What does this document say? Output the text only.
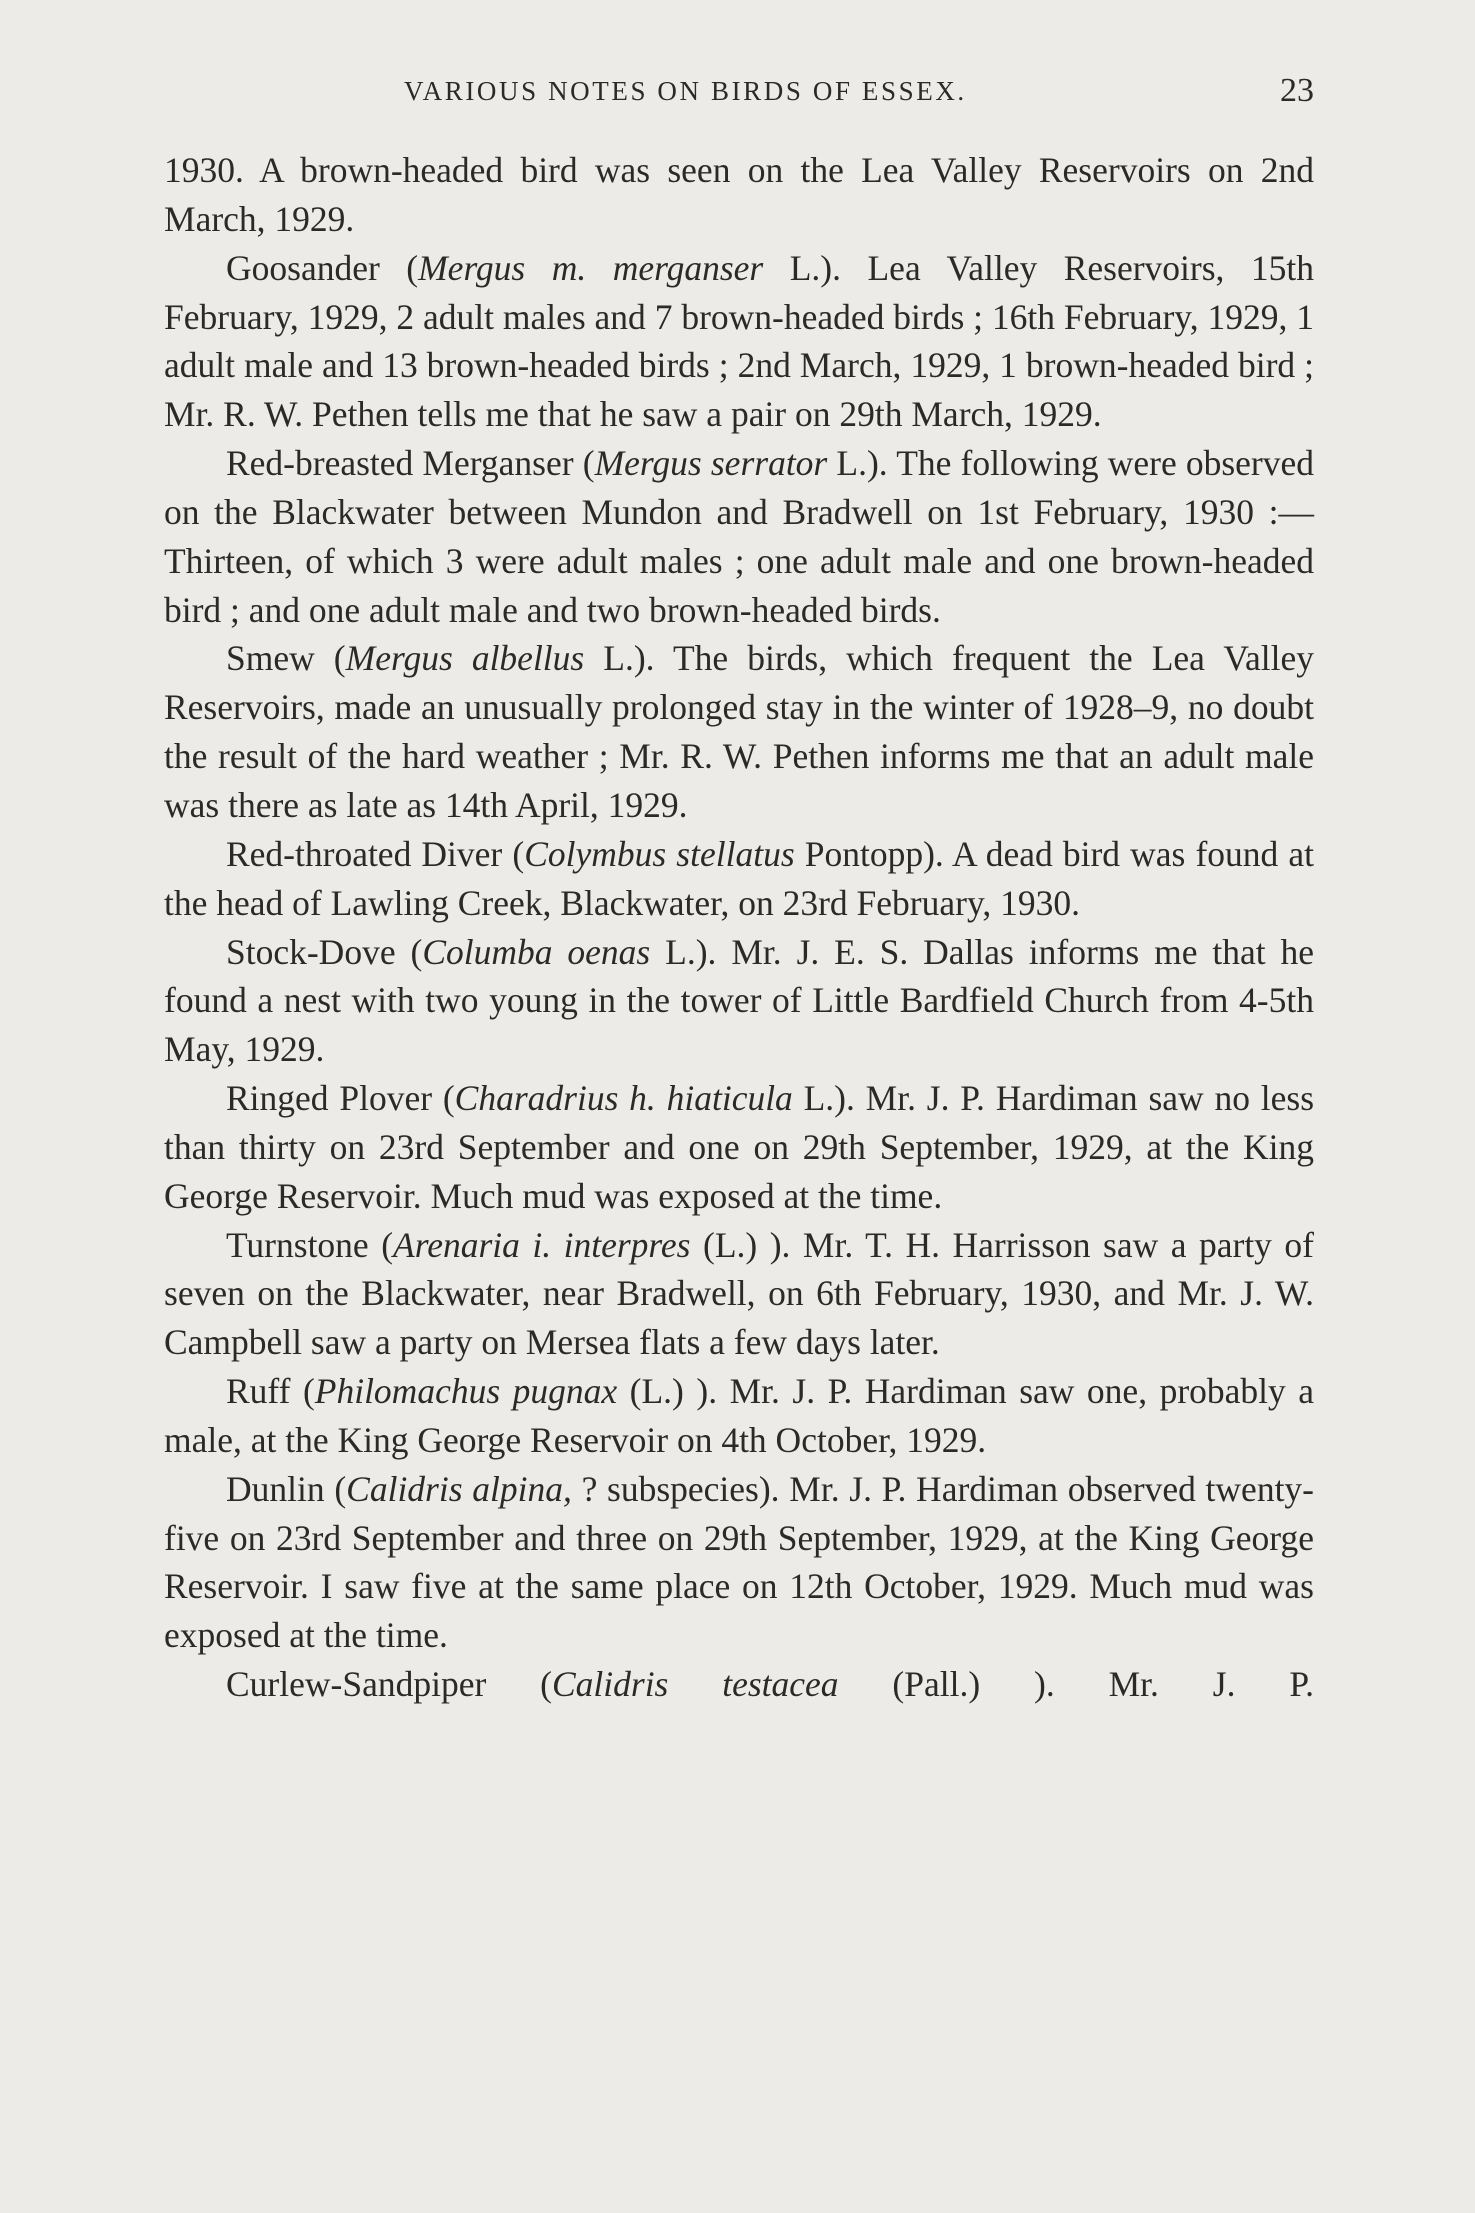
VARIOUS NOTES ON BIRDS OF ESSEX.	23

1930. A brown-headed bird was seen on the Lea Valley Reservoirs on 2nd March, 1929.

Goosander (Mergus m. merganser L.). Lea Valley Reservoirs, 15th February, 1929, 2 adult males and 7 brown-headed birds ; 16th February, 1929, 1 adult male and 13 brown-headed birds ; 2nd March, 1929, 1 brown-headed bird ; Mr. R. W. Pethen tells me that he saw a pair on 29th March, 1929.

Red-breasted Merganser (Mergus serrator L.). The following were observed on the Blackwater between Mundon and Bradwell on 1st February, 1930 :—Thirteen, of which 3 were adult males ; one adult male and one brown-headed bird ; and one adult male and two brown-headed birds.

Smew (Mergus albellus L.). The birds, which frequent the Lea Valley Reservoirs, made an unusually prolonged stay in the winter of 1928–9, no doubt the result of the hard weather ; Mr. R. W. Pethen informs me that an adult male was there as late as 14th April, 1929.

Red-throated Diver (Colymbus stellatus Pontopp). A dead bird was found at the head of Lawling Creek, Blackwater, on 23rd February, 1930.

Stock-Dove (Columba oenas L.). Mr. J. E. S. Dallas informs me that he found a nest with two young in the tower of Little Bardfield Church from 4-5th May, 1929.

Ringed Plover (Charadrius h. hiaticula L.). Mr. J. P. Hardiman saw no less than thirty on 23rd September and one on 29th September, 1929, at the King George Reservoir. Much mud was exposed at the time.

Turnstone (Arenaria i. interpres (L.) ). Mr. T. H. Harrisson saw a party of seven on the Blackwater, near Bradwell, on 6th February, 1930, and Mr. J. W. Campbell saw a party on Mersea flats a few days later.

Ruff (Philomachus pugnax (L.) ). Mr. J. P. Hardiman saw one, probably a male, at the King George Reservoir on 4th October, 1929.

Dunlin (Calidris alpina, ? subspecies). Mr. J. P. Hardiman observed twenty-five on 23rd September and three on 29th September, 1929, at the King George Reservoir. I saw five at the same place on 12th October, 1929. Much mud was exposed at the time.

Curlew-Sandpiper (Calidris testacea (Pall.) ). Mr. J. P.
